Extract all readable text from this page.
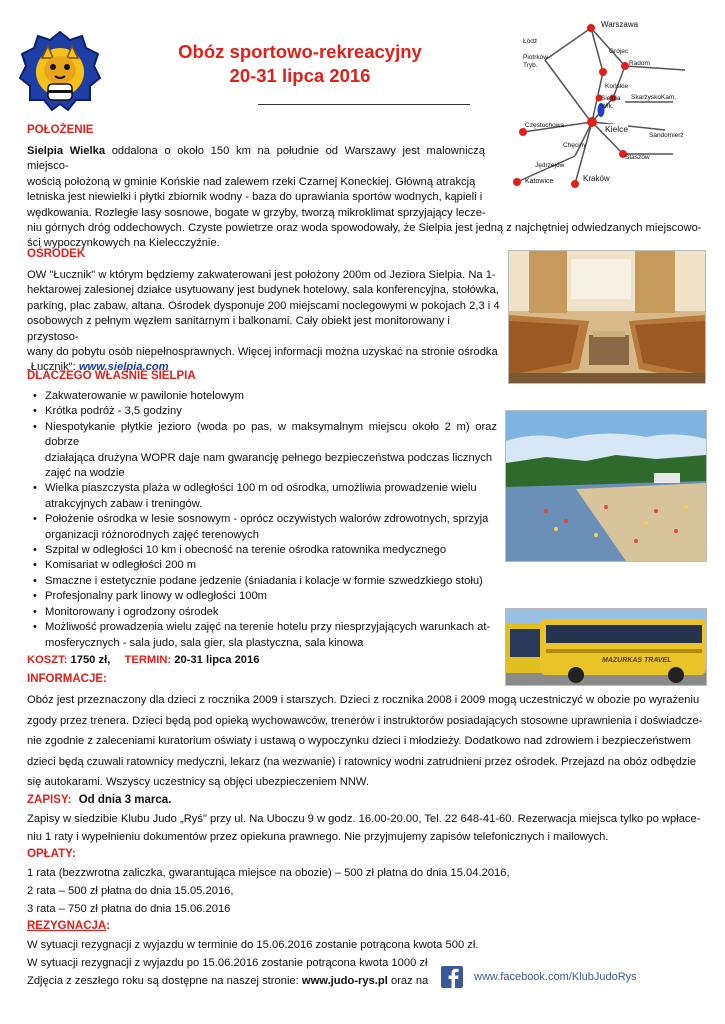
Obóz sportowo-rekreacyjny
20-31 lipca 2016
Warszawa
Łódź
Piotrków Tryb.
Grójec
Radom
Końskie
Sielpia Wlk.
SkarżyskoKam.
Częstochowa	Kielce
Sandomierz
Chęciny
Staszów
Jędrzejów
Katowice	Kraków
POŁOŻENIE
Sielpia Wielka oddalona o około 150 km na południe od Warszawy jest malowniczą miejsco-
wością położoną w gminie Końskie nad zalewem rzeki Czarnej Koneckiej. Główną atrakcją
letniska jest niewielki i płytki zbiornik wodny - baza do uprawiania sportów wodnych, kąpieli i
wędkowania. Rozległe lasy sosnowe, bogate w grzyby, tworzą mikroklimat sprzyjający lecze-
niu górnych dróg oddechowych. Czyste powietrze oraz woda spowodowały, że Sielpia jest jedną z najchętniej odwiedzanych miejscowo-
ści wypoczynkowych na Kielecczyźnie.
OŚRODEK
OW "Łucznik" w którym będziemy zakwaterowani jest położony 200m od Jeziora Sielpia. Na 1-
hektarowej zalesionej działce usytuowany jest budynek hotelowy, sala konferencyjna, stołówka,
parking, plac zabaw, altana. Ośrodek dysponuje 200 miejscami noclegowymi w pokojach 2,3 i 4
osobowych z pełnym węzłem sanitarnym i balkonami. Cały obiekt jest monitorowany i przystoso-
wany do pobytu osób niepełnosprawnych. Więcej informacji można uzyskać na stronie ośrodka
„Łucznik": www.sielpia.com
DLACZEGO WŁAŚNIE SIELPIA
• Zakwaterowanie w pawilonie hotelowym
• Krótka podróż - 3,5 godziny
• Niespotykanie płytkie jezioro (woda po pas, w maksymalnym miejscu około 2 m) oraz dobrze
działająca drużyna WOPR daje nam gwarancję pełnego bezpieczeństwa podczas licznych
zajęć na wodzie
• Wielka piaszczysta plaża w odległości 100 m od ośrodka, umożliwia prowadzenie wielu
atrakcyjnych zabaw i treningów.
• Położenie ośrodka w lesie sosnowym - oprócz oczywistych walorów zdrowotnych, sprzyja
organizacji różnorodnych zajęć terenowych
• Szpital w odległości 10 km i obecność na terenie ośrodka ratownika medycznego
• Komisariat w odległości 200 m
• Smaczne i estetycznie podane jedzenie (śniadania i kolacje w formie szwedzkiego stołu)
• Profesjonalny park linowy w odległości 100m
• Monitorowany i ogrodzony ośrodek
• Możliwość prowadzenia wielu zajęć na terenie hotelu przy niesprzyjających warunkach at-
mosferycznych - sala judo, sala gier, sla plastyczna, sala kinowa
MAZURKAS TRAVEL
KOSZT: 1750 zł, TERMIN: 20-31 lipca 2016
INFORMACJE:
Obóz jest przeznaczony dla dzieci z rocznika 2009 i starszych. Dzieci z rocznika 2008 i 2009 mogą uczestniczyć w obozie po wyrażeniu
zgody przez trenera. Dzieci będą pod opieką wychowawców, trenerów i instruktorów posiadających stosowne uprawnienia i doświadcze-
nie zgodnie z zaleceniami kuratorium oświaty i ustawą o wypoczynku dzieci i młodzieży. Dodatkowo nad zdrowiem i bezpieczeństwem
dzieci będą czuwali ratownicy medyczni, lekarz (na wezwanie) i ratownicy wodni zatrudnieni przez ośrodek. Przejazd na obóz odbędzie
się autokarami. Wszyscy uczestnicy są objęci ubezpieczeniem NNW.
ZAPISY: Od dnia 3 marca.
Zapisy w siedzibie Klubu Judo „Ryś" przy ul. Na Uboczu 9 w godz. 16.00-20.00, Tel. 22 648-41-60. Rezerwacja miejsca tylko po wpłace-
niu 1 raty i wypełnieniu dokumentów przez opiekuna prawnego. Nie przyjmujemy zapisów telefonicznych i mailowych.
OPŁATY:
1 rata (bezzwrotna zaliczka, gwarantująca miejsce na obozie) – 500 zł płatna do dnia 15.04.2016,
2 rata – 500 zł płatna do dnia 15.05.2016,
3 rata – 750 zł płatna do dnia 15.06.2016
REZYGNACJA:
W sytuacji rezygnacji z wyjazdu w terminie do 15.06.2016 zostanie potrącona kwota 500 zł.
W sytuacji rezygnacji z wyjazdu po 15.06.2016 zostanie potrącona kwota 1000 zł
Zdjęcia z zeszłego roku są dostępne na naszej stronie: www.judo-rys.pl oraz na	www.facebook.com/KlubJudoRys
